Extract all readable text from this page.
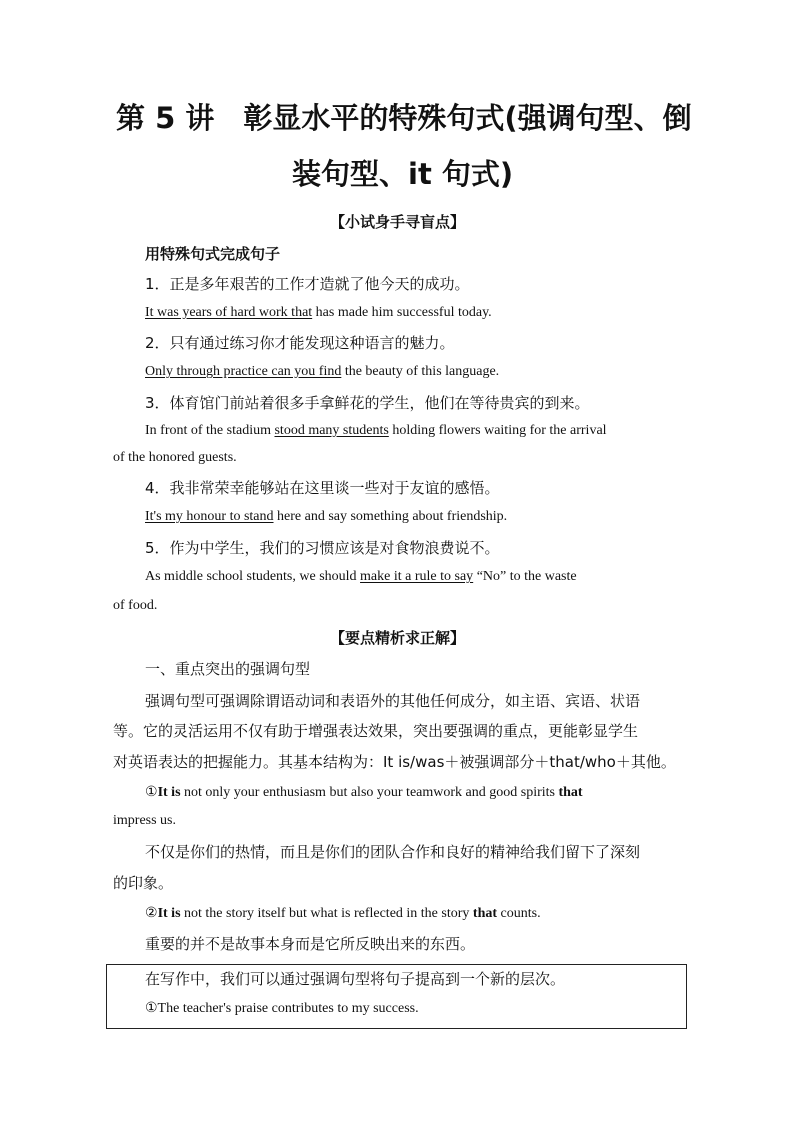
第 5 讲　彰显水平的特殊句式(强调句型、倒
装句型、it 句式)
【小试身手寻盲点】
用特殊句式完成句子
1．正是多年艰苦的工作才造就了他今天的成功。
It was years of hard work that has made him successful today.
2．只有通过练习你才能发现这种语言的魅力。
Only through practice can you find the beauty of this language.
3．体育馆门前站着很多手拿鲜花的学生，他们在等待贵宾的到来。
In front of the stadium stood many students holding flowers waiting for the arrival
of the honored guests.
4．我非常荣幸能够站在这里谈一些对于友谊的感悟。
It's my honour to stand here and say something about friendship.
5．作为中学生，我们的习惯应该是对食物浪费说不。
As middle school students, we should make it a rule to say “No” to the waste
of food.
【要点精析求正解】
一、重点突出的强调句型
强调句型可强调除谓语动词和表语外的其他任何成分，如主语、宾语、状语
等。它的灵活运用不仅有助于增强表达效果，突出要强调的重点，更能彰显学生
对英语表达的把握能力。其基本结构为：It is/was＋被强调部分＋that/who＋其他。
①It is not only your enthusiasm but also your teamwork and good spirits that
impress us.
不仅是你们的热情，而且是你们的团队合作和良好的精神给我们留下了深刻
的印象。
②It is not the story itself but what is reflected in the story that counts.
重要的并不是故事本身而是它所反映出来的东西。
在写作中，我们可以通过强调句型将句子提高到一个新的层次。
①The teacher's praise contributes to my success.
